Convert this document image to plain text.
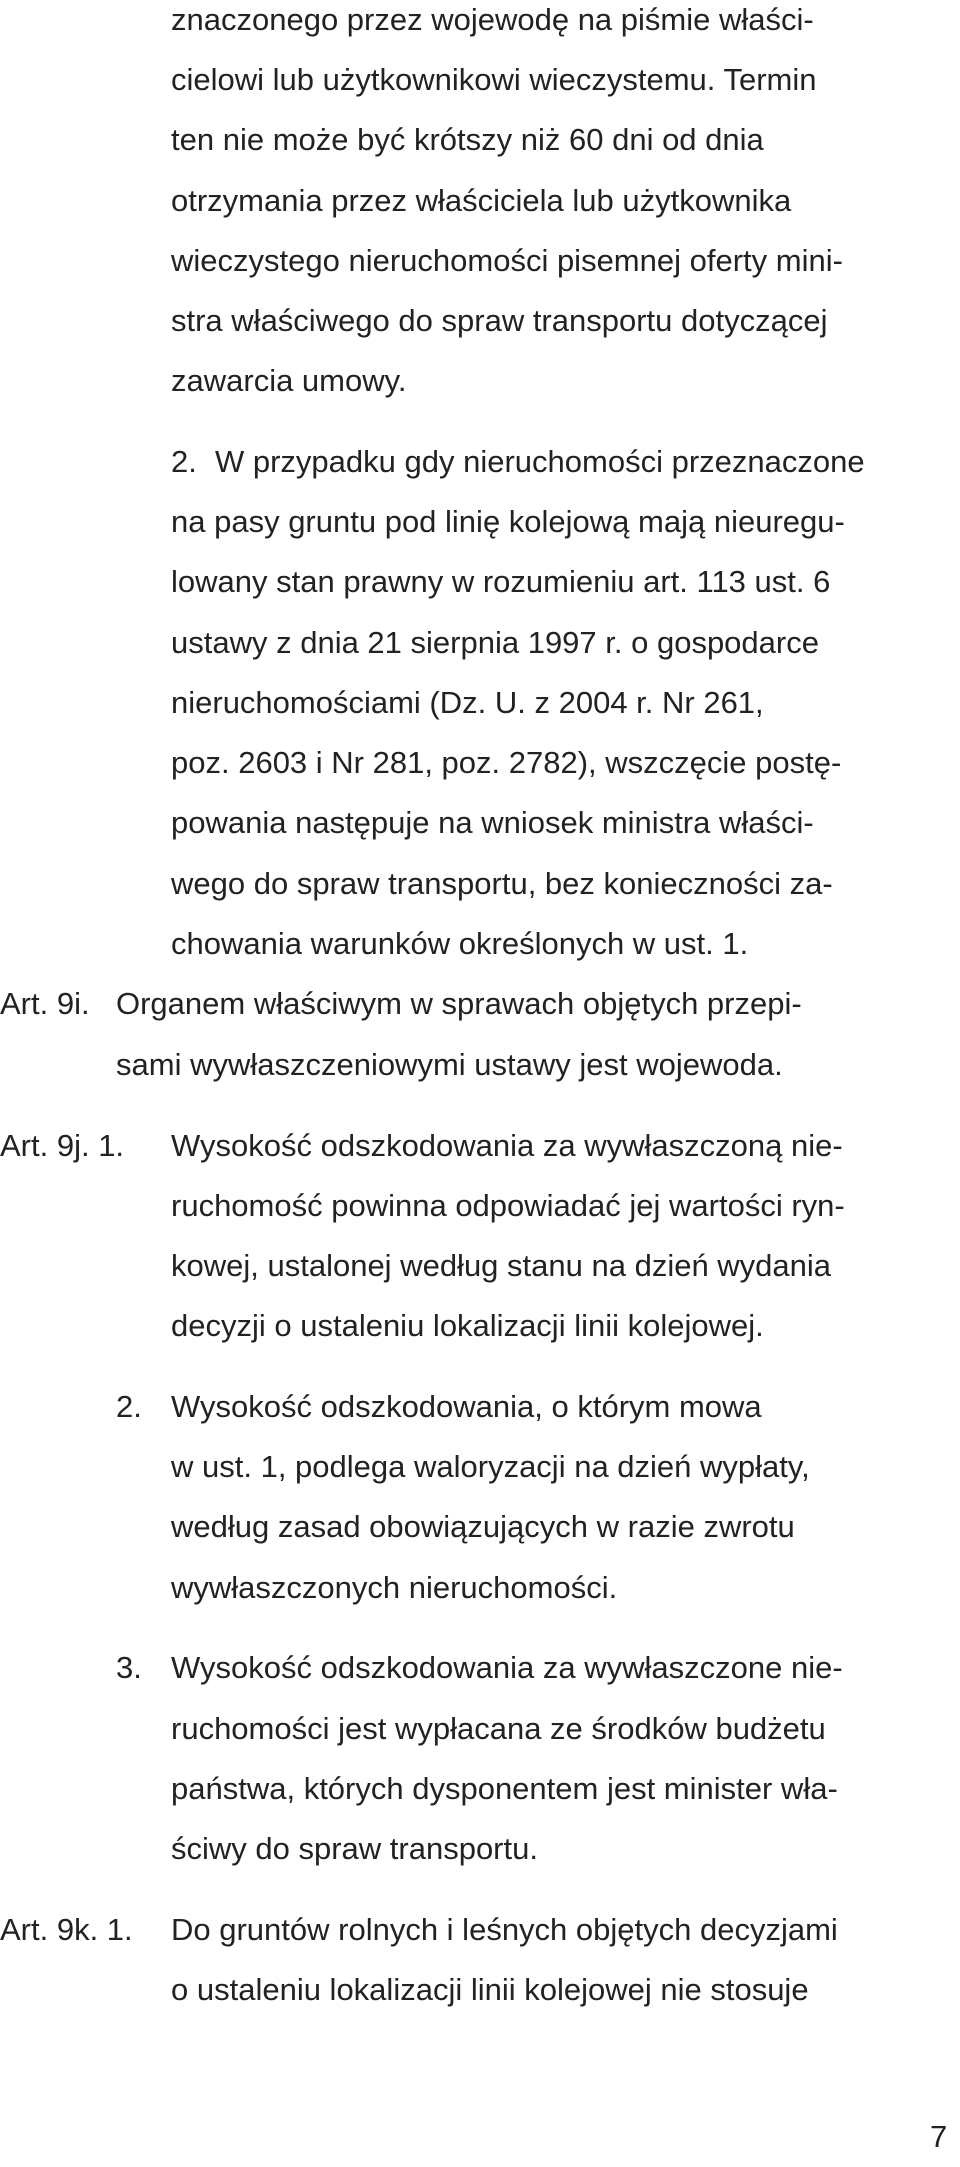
znaczonego przez wojewodę na piśmie właści-

cielowi lub użytkownikowi wieczystemu. Termin

ten nie może być krótszy niż 60 dni od dnia

otrzymania przez właściciela lub użytkownika

wieczystego nieruchomości pisemnej oferty mini-

stra właściwego do spraw transportu dotyczącej

zawarcia umowy.

2. W przypadku gdy nieruchomości przeznaczone

na pasy gruntu pod linię kolejową mają nieuregu-

lowany stan prawny w rozumieniu art. 113 ust. 6

ustawy z dnia 21 sierpnia 1997 r. o gospodarce

nieruchomościami (Dz. U. z 2004 r. Nr 261,

poz. 2603 i Nr 281, poz. 2782), wszczęcie postę-

powania następuje na wniosek ministra właści-

wego do spraw transportu, bez konieczności za-

chowania warunków określonych w ust. 1.

Art. 9i. Organem właściwym w sprawach objętych przepi-

sami wywłaszczeniowymi ustawy jest wojewoda.

Art. 9j. 1. Wysokość odszkodowania za wywłaszczoną nie-

ruchomość powinna odpowiadać jej wartości ryn-

kowej, ustalonej według stanu na dzień wydania

decyzji o ustaleniu lokalizacji linii kolejowej.

2. Wysokość odszkodowania, o którym mowa

w ust. 1, podlega waloryzacji na dzień wypłaty,

według zasad obowiązujących w razie zwrotu

wywłaszczonych nieruchomości.

3. Wysokość odszkodowania za wywłaszczone nie-

ruchomości jest wypłacana ze środków budżetu

państwa, których dysponentem jest minister wła-

ściwy do spraw transportu.

Art. 9k. 1. Do gruntów rolnych i leśnych objętych decyzjami

o ustaleniu lokalizacji linii kolejowej nie stosuje

7
